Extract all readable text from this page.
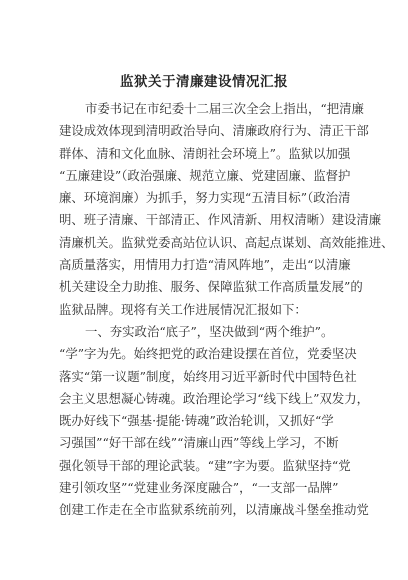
监狱关于清廉建设情况汇报
市委书记在市纪委十二届三次全会上指出，“把清廉
建设成效体现到清明政治导向、清廉政府行为、清正干部
群体、清和文化血脉、清朗社会环境上”。监狱以加强
“五廉建设”（政治强廉、规范立廉、党建固廉、监督护
廉、环境润廉）为抓手，努力实现“五清目标”（政治清
明、班子清廉、干部清正、作风清新、用权清晰）建设清廉
清廉机关。监狱党委高站位认识、高起点谋划、高效能推进、
高质量落实，用情用力打造“清风阵地”，走出“以清廉
机关建设全力助推、服务、保障监狱工作高质量发展”的
监狱品牌。现将有关工作进展情况汇报如下：
一、夯实政治“底子”，坚决做到“两个维护”。
“学”字为先。始终把党的政治建设摆在首位，党委坚决
落实“第一议题”制度，始终用习近平新时代中国特色社
会主义思想凝心铸魂。政治理论学习“线下线上”双发力，
既办好线下“强基·提能·铸魂”政治轮训，又抓好“学
习强国”“好干部在线”“清廉山西”等线上学习，不断
强化领导干部的理论武装。“建”字为要。监狱坚持“党
建引领攻坚”“党建业务深度融合”，“一支部一品牌”
创建工作走在全市监狱系统前列，以清廉战斗堡垒推动党
